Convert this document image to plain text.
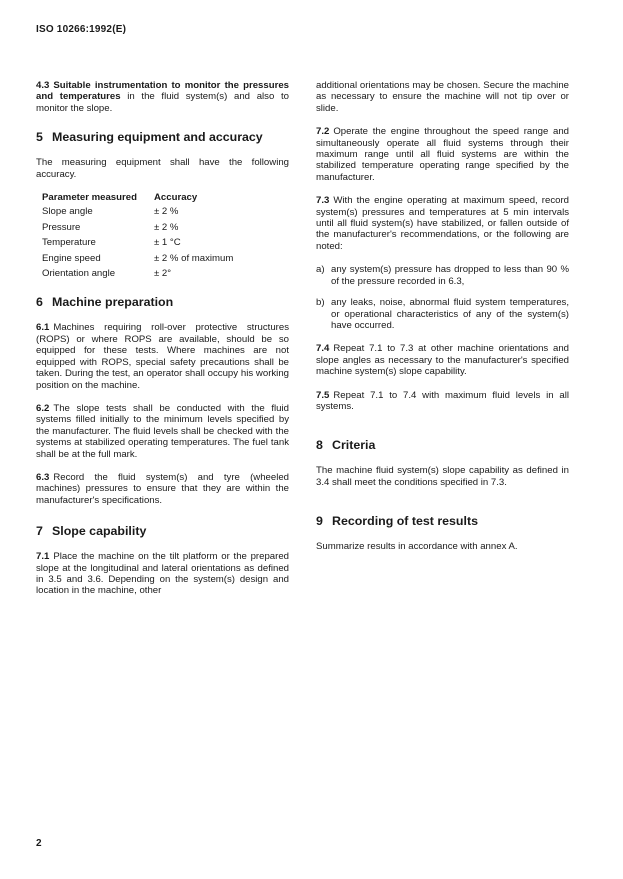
ISO 10266:1992(E)

4.3 Suitable instrumentation to monitor the pressures and temperatures in the fluid system(s) and also to monitor the slope.

5 Measuring equipment and accuracy

The measuring equipment shall have the following accuracy.

Parameter measured	Accuracy
Slope angle	± 2 %
Pressure	± 2 %
Temperature	± 1 °C
Engine speed	± 2 % of maximum
Orientation angle	± 2°
6 Machine preparation

6.1 Machines requiring roll-over protective structures (ROPS) or where ROPS are available, should be so equipped for these tests. Where machines are not equipped with ROPS, special safety precautions shall be taken. During the test, an operator shall occupy his working position on the machine.

6.2 The slope tests shall be conducted with the fluid systems filled initially to the minimum levels specified by the manufacturer. The fluid levels shall be checked with the systems at stabilized operating temperatures. The fuel tank shall be at the full mark.

6.3 Record the fluid system(s) and tyre (wheeled machines) pressures to ensure that they are within the manufacturer's specifications.

7 Slope capability

7.1 Place the machine on the tilt platform or the prepared slope at the longitudinal and lateral orientations as defined in 3.5 and 3.6. Depending on the system(s) design and location in the machine, other

additional orientations may be chosen. Secure the machine as necessary to ensure the machine will not tip over or slide.

7.2 Operate the engine throughout the speed range and simultaneously operate all fluid systems through their maximum range until all fluid systems are within the stabilized temperature operating range specified by the manufacturer.

7.3 With the engine operating at maximum speed, record system(s) pressures and temperatures at 5 min intervals until all fluid system(s) have stabilized, or fallen outside of the manufacturer's recommendations, or the following are noted:

a) any system(s) pressure has dropped to less than 90 % of the pressure recorded in 6.3,
b) any leaks, noise, abnormal fluid system temperatures, or operational characteristics of any of the system(s) have occurred.

7.4 Repeat 7.1 to 7.3 at other machine orientations and slope angles as necessary to the manufacturer's specified machine system(s) slope capability.

7.5 Repeat 7.1 to 7.4 with maximum fluid levels in all systems.

8 Criteria

The machine fluid system(s) slope capability as defined in 3.4 shall meet the conditions specified in 7.3.

9 Recording of test results

Summarize results in accordance with annex A.

2
